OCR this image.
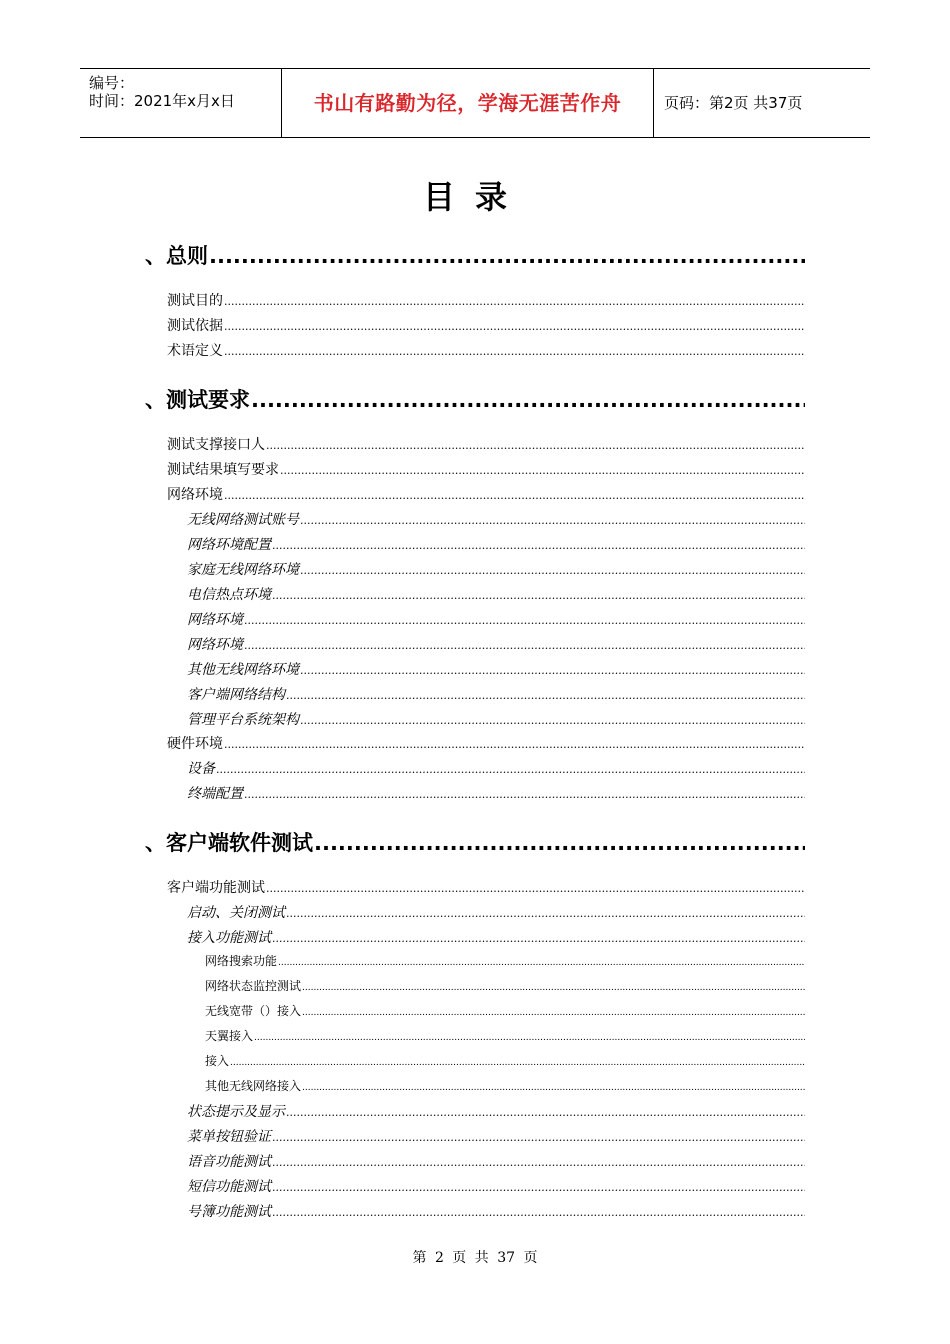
编号：
时间：2021年x月x日	书山有路勤为径，学海无涯苦作舟	页码：第2页 共37页
目录
、 总则
.....
测试目的
.....
测试依据
.....
术语定义
.....
、 测试要求
.....
测试支撑接口人
.....
测试结果填写要求
.....
网络环境
.....
无线网络测试账号
.....
网络环境配置
.....
家庭无线网络环境
.....
电信热点环境
.....
网络环境
.....
网络环境
.....
其他无线网络环境
.....
客户端网络结构
.....
管理平台系统架构
.....
硬件环境
.....
设备
.....
终端配置
.....
、 客户端软件测试
.....
客户端功能测试
.....
启动、关闭测试
.....
接入功能测试
.....
网络搜索功能
.....
网络状态监控测试
.....
无线宽带（）接入
.....
天翼接入
.....
接入
.....
其他无线网络接入
.....
状态提示及显示
.....
菜单按钮验证
.....
语音功能测试
.....
短信功能测试
.....
号簿功能测试
.....
第 2 页 共 37 页
